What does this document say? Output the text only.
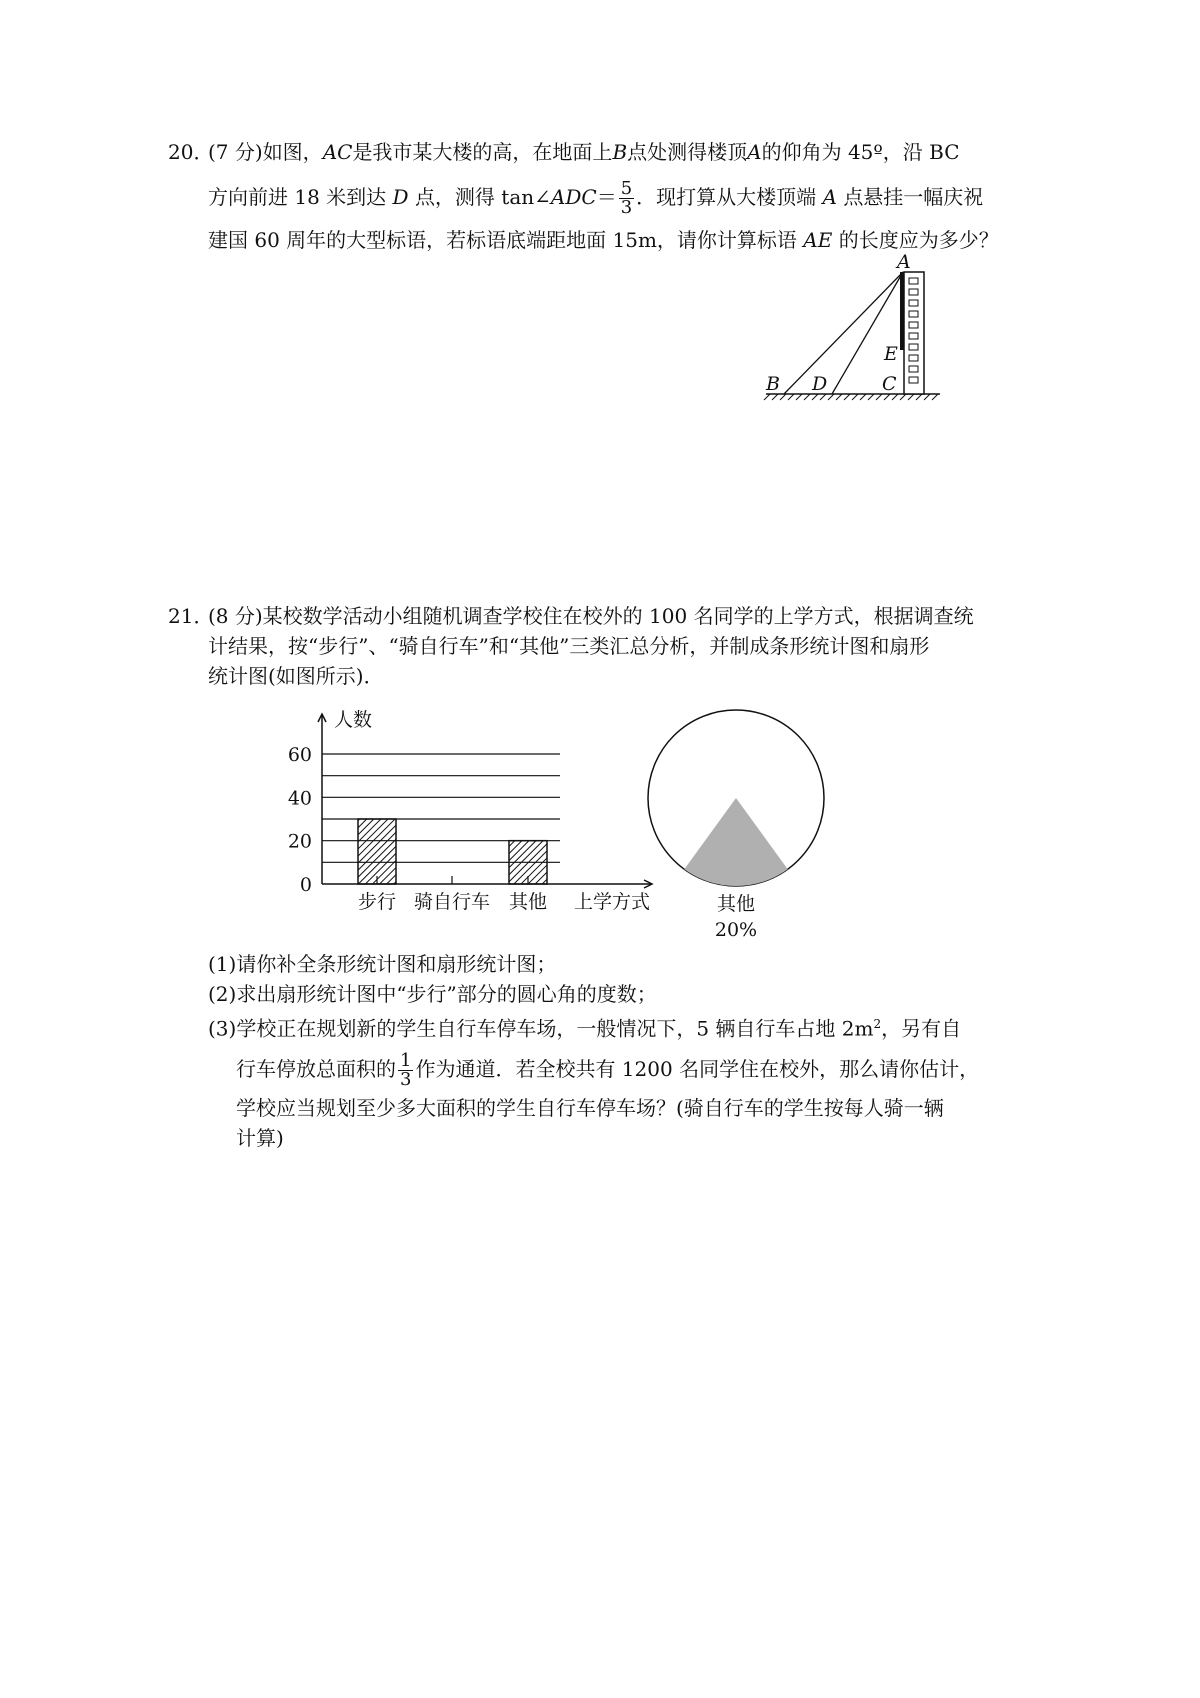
20．
(7 分)如图，AC是我市某大楼的高，在地面上B点处测得楼顶A的仰角为 45º，沿 BC
方向前进 18 米到达 D 点，测得 tan∠ADC＝ $\frac{5}{3}$ ．现打算从大楼顶端 A 点悬挂一幅庆祝
建国 60 周年的大型标语，若标语底端距地面 15m，请你计算标语 AE 的长度应为多少？
A
E
B D	C
21．
(8 分)某校数学活动小组随机调查学校住在校外的 100 名同学的上学方式，根据调查统
计结果，按“步行”、“骑自行车”和“其他”三类汇总分析，并制成条形统计图和扇形
统计图(如图所示)．
人数
0
20
40
60
步行 骑自行车 其他 上学方式	其他
20%
(1)请你补全条形统计图和扇形统计图；
(2)求出扇形统计图中“步行”部分的圆心角的度数；
(3)学校正在规划新的学生自行车停车场，一般情况下，5 辆自行车占地 $2m^2$，另有自
行车停放总面积的 $\frac{1}{3}$ 作为通道．若全校共有 1200 名同学住在校外，那么请你估计，
学校应当规划至少多大面积的学生自行车停车场？(骑自行车的学生按每人骑一辆
计算)
